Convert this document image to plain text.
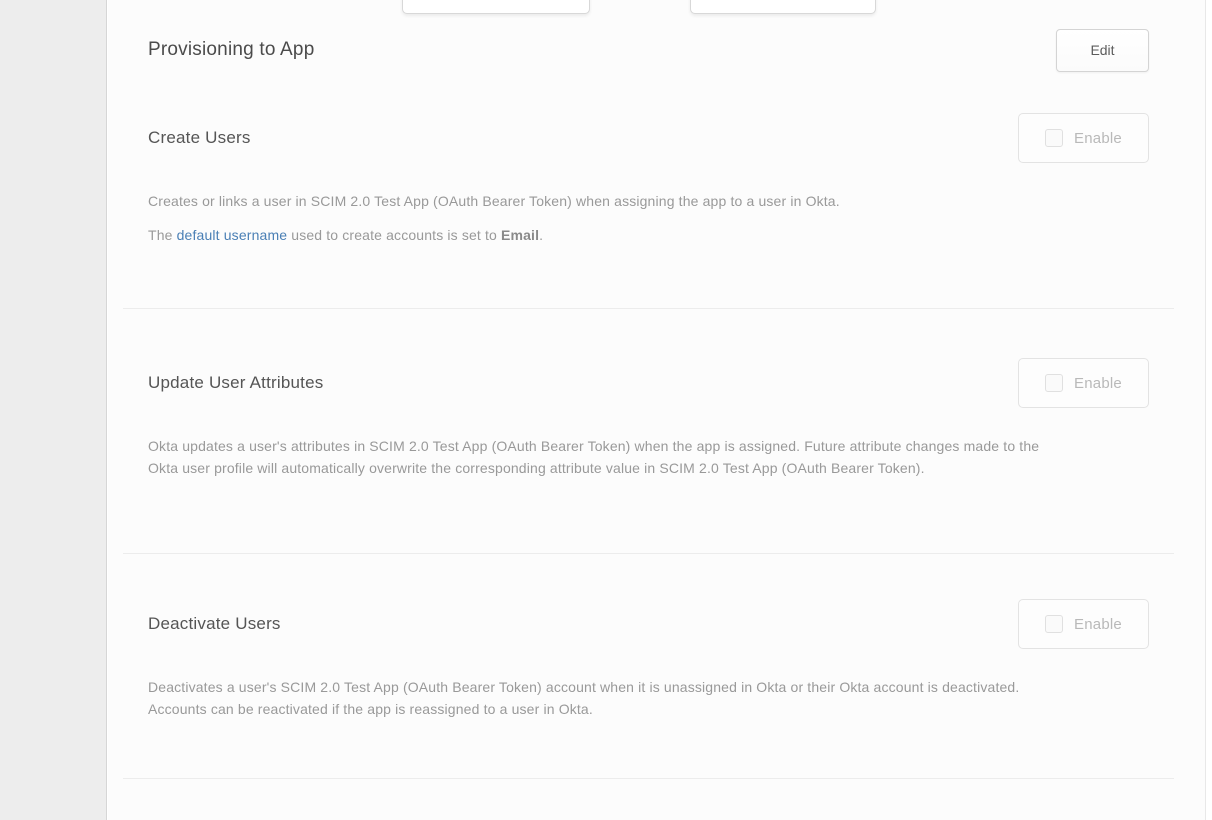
Provisioning to App	Edit
Create Users	Enable

Creates or links a user in SCIM 2.0 Test App (OAuth Bearer Token) when assigning the app to a user in Okta.

The default username used to create accounts is set to Email.

Update User Attributes	Enable

Okta updates a user's attributes in SCIM 2.0 Test App (OAuth Bearer Token) when the app is assigned. Future attribute changes made to the Okta user profile will automatically overwrite the corresponding attribute value in SCIM 2.0 Test App (OAuth Bearer Token).

Deactivate Users	Enable

Deactivates a user's SCIM 2.0 Test App (OAuth Bearer Token) account when it is unassigned in Okta or their Okta account is deactivated. Accounts can be reactivated if the app is reassigned to a user in Okta.
